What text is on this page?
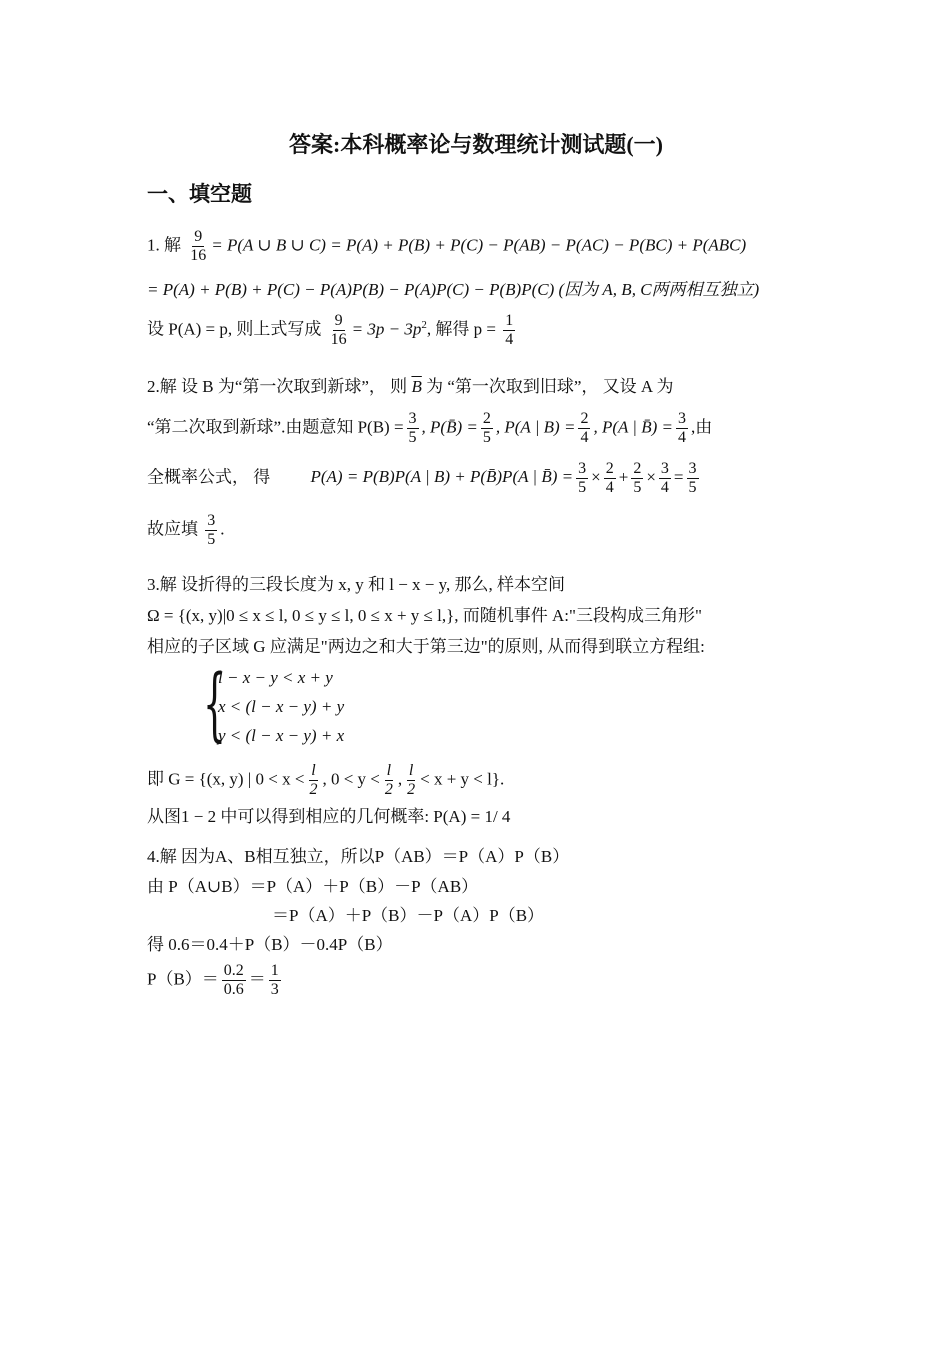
答案:本科概率论与数理统计测试题(一)
一、填空题
1. 解 $\frac{9}{16} = P(A$ ∪ B ∪ C) = P(A) + P(B) + P(C) − P(AB) − P(AC) − P(BC) + P(ABC)
= P(A) + P(B) + P(C) − P(A)P(B) − P(A)P(C) − P(B)P(C) (因为 A, B, C两两相互独立)
设 P(A) = p, 则上式写成 $\frac{9}{16} = 3p - 3p^2$, 解得 $p = \frac{1}{4}$
2.解 设 B 为“第一次取到新球”， 则 $\overline{B}$ 为 “第一次取到旧球”， 又设 A 为
“第二次取到新球”.由题意知 $P(B) = \frac{3}{5}$ , P(B̄) = $\frac{2}{5}$ , P(A | $B) = \frac{2}{4}$ , P(A | B̄) = $\frac{3}{4}$ ,由
全概率公式， 得 P(A) = P(B)P(A | B) + P(B̄)P(A | B̄) = $\frac{3}{5} \times \frac{2}{4} + \frac{2}{5} \times \frac{3}{4} = \frac{3}{5}$
故应填 $\frac{3}{5}$ .
3.解 设折得的三段长度为 x, y 和 l − x − y, 那么, 样本空间
Ω = {(x, y)|0 ≤ x ≤ l, 0 ≤ y ≤ l, 0 ≤ x + y ≤ l,}, 而随机事件 A:"三段构成三角形"
相应的子区域 G 应满足"两边之和大于第三边"的原则, 从而得到联立方程组:
{
l − x − y < x + y
x < (l − x − y) + y
y < (l − x − y) + x
即 G = {(x, y) | $0 < x < \frac{l}{2}$ , $0 < y < \frac{l}{2}$ , $\frac{l}{2} < x + y < l$}.
从图1 − 2 中可以得到相应的几何概率: P(A) = 1/ 4
4.解 因为A、B相互独立，所以P（AB）＝P（A）P（B）
由 P（A∪B）＝P（A）＋P（B）－P（AB）
＝P（A）＋P（B）－P（A）P（B）
得 0.6＝0.4＋P（B）－0.4P（B）
$P(B)= \frac{0.2}{0.6} = \frac{1}{3}$
